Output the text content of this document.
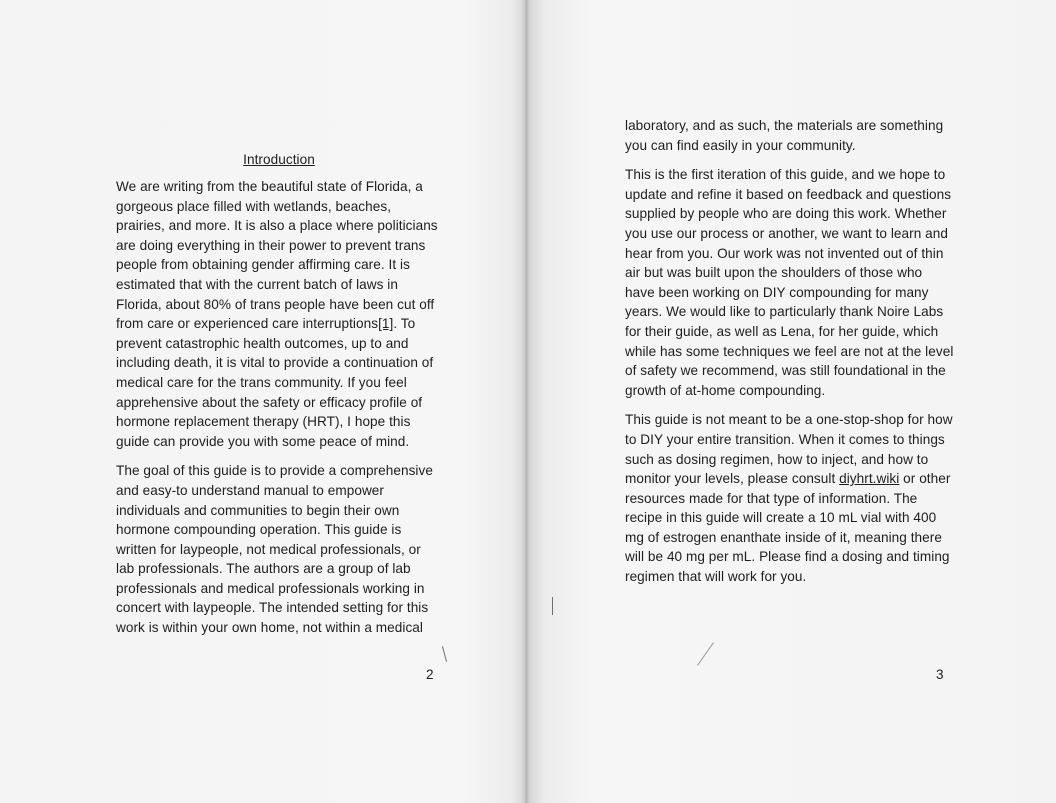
Introduction

We are writing from the beautiful state of Florida, a gorgeous place filled with wetlands, beaches, prairies, and more. It is also a place where politicians are doing everything in their power to prevent trans people from obtaining gender affirming care. It is estimated that with the current batch of laws in Florida, about 80% of trans people have been cut off from care or experienced care interruptions[1]. To prevent catastrophic health outcomes, up to and including death, it is vital to provide a continuation of medical care for the trans community. If you feel apprehensive about the safety or efficacy profile of hormone replacement therapy (HRT), I hope this guide can provide you with some peace of mind.

The goal of this guide is to provide a comprehensive and easy-to understand manual to empower individuals and communities to begin their own hormone compounding operation. This guide is written for laypeople, not medical professionals, or lab professionals. The authors are a group of lab professionals and medical professionals working in concert with laypeople. The intended setting for this work is within your own home, not within a medical

2

laboratory, and as such, the materials are something you can find easily in your community.

This is the first iteration of this guide, and we hope to update and refine it based on feedback and questions supplied by people who are doing this work. Whether you use our process or another, we want to learn and hear from you. Our work was not invented out of thin air but was built upon the shoulders of those who have been working on DIY compounding for many years. We would like to particularly thank Noire Labs for their guide, as well as Lena, for her guide, which while has some techniques we feel are not at the level of safety we recommend, was still foundational in the growth of at-home compounding.

This guide is not meant to be a one-stop-shop for how to DIY your entire transition. When it comes to things such as dosing regimen, how to inject, and how to monitor your levels, please consult diyhrt.wiki or other resources made for that type of information. The recipe in this guide will create a 10 mL vial with 400 mg of estrogen enanthate inside of it, meaning there will be 40 mg per mL. Please find a dosing and timing regimen that will work for you.

3
